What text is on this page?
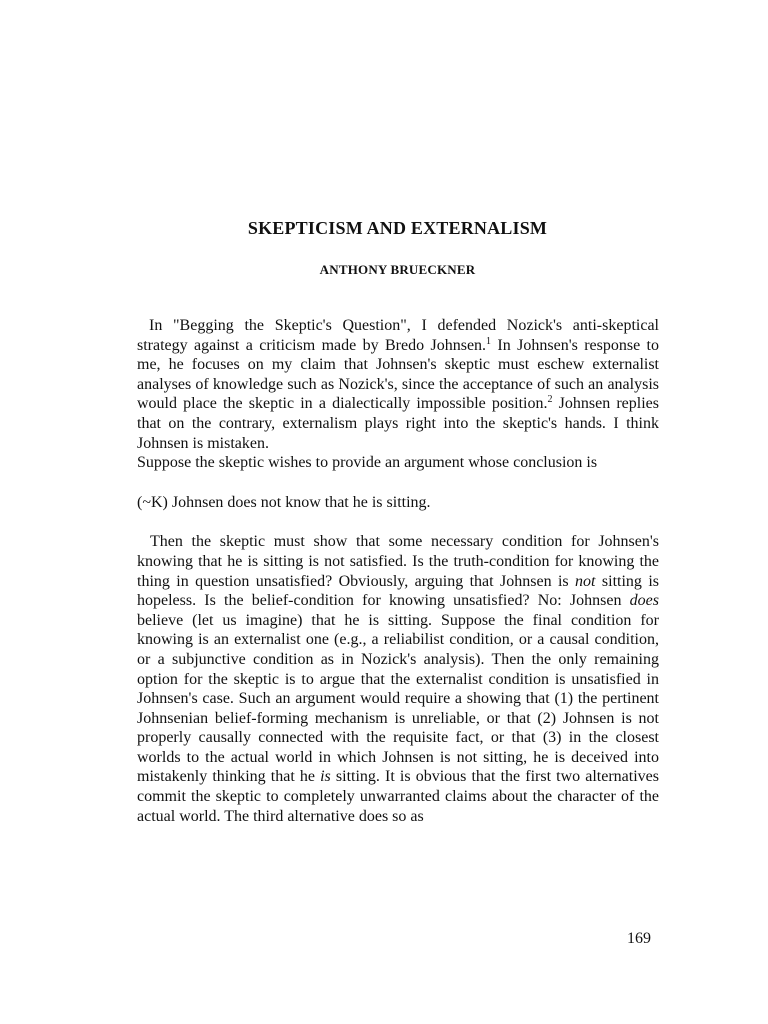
SKEPTICISM AND EXTERNALISM
ANTHONY BRUECKNER

In "Begging the Skeptic's Question", I defended Nozick's anti-skeptical strategy against a criticism made by Bredo Johnsen.$^1$ In Johnsen's response to me, he focuses on my claim that Johnsen's skeptic must eschew externalist analyses of knowledge such as Nozick's, since the acceptance of such an analysis would place the skeptic in a dialectically impossible position.$^2$ Johnsen replies that on the contrary, externalism plays right into the skeptic's hands. I think Johnsen is mistaken.

Suppose the skeptic wishes to provide an argument whose conclusion is

(~K) Johnsen does not know that he is sitting.

Then the skeptic must show that some necessary condition for Johnsen's knowing that he is sitting is not satisfied. Is the truth-condition for knowing the thing in question unsatisfied? Obviously, arguing that Johnsen is not sitting is hopeless. Is the belief-condition for knowing unsatisfied? No: Johnsen does believe (let us imagine) that he is sitting. Suppose the final condition for knowing is an externalist one (e.g., a reliabilist condition, or a causal condition, or a subjunctive condition as in Nozick's analysis). Then the only remaining option for the skeptic is to argue that the externalist condition is unsatisfied in Johnsen's case. Such an argument would require a showing that (1) the pertinent Johnsenian belief-forming mechanism is unreliable, or that (2) Johnsen is not properly causally connected with the requisite fact, or that (3) in the closest worlds to the actual world in which Johnsen is not sitting, he is deceived into mistakenly thinking that he is sitting. It is obvious that the first two alternatives commit the skeptic to completely unwarranted claims about the character of the actual world. The third alternative does so as

169
